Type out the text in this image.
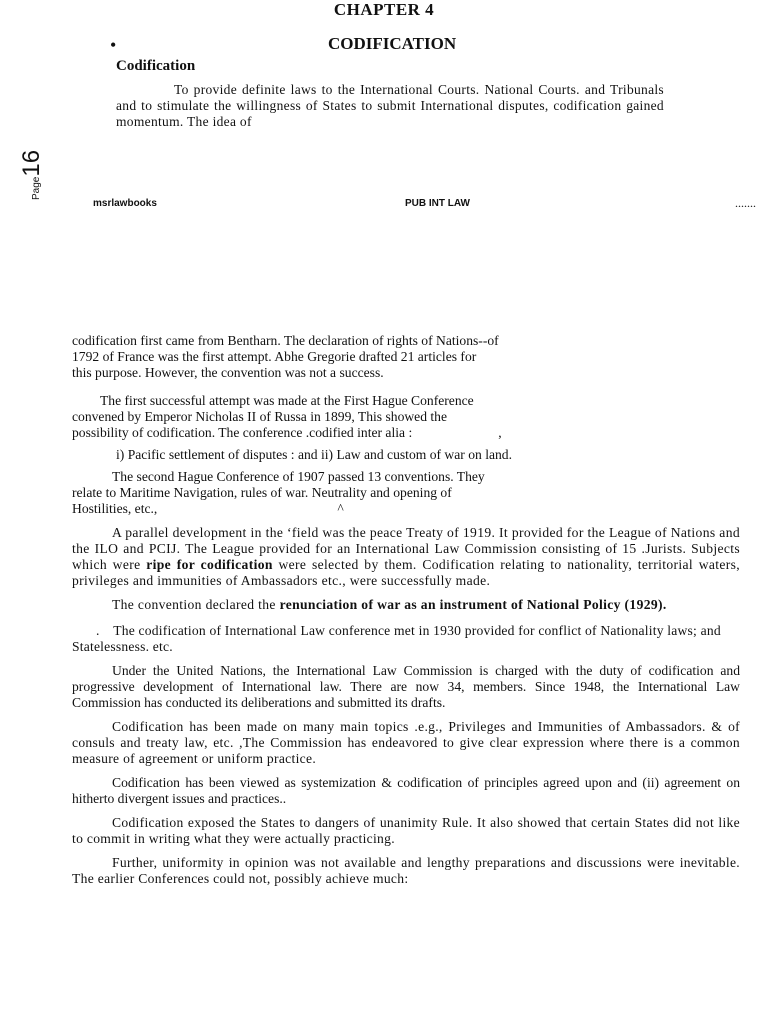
CHAPTER 4
•	CODIFICATION
Codification
To provide definite laws to the International Courts. National Courts. and Tribunals and to stimulate the willingness of States to submit International disputes, codification gained momentum. The idea of
Page16
msrlawbooks	PUB INT LAW	.......

codification first came from Benthаrn. The declaration of rights of Nations--of
1792 of France was the first attempt. Abhe Gregorie drafted 21 articles for
this purpose. However, the convention was not a success.

The first successful attempt was made at the First Hague Conference
convened by Emperor Nicholas II of Russa in 1899, This showed the
possibility of codification. The conference .codified inter alia :	,

i) Pacific settlement of disputes : and ii) Law and custom of war on land.

The second Hague Conference of 1907 passed 13 conventions. They
relate to Maritime Navigation, rules of war. Neutrality and opening of
Hostilities, etc.,	^

A parallel development in the ‘field was the peace Treaty of 1919. It provided for the League of Nations and the ILO and PCIJ. The League provided for an International Law Commission consisting of 15 .Jurists. Subjects which were ripe for codification were selected by them. Codification relating to nationality, territorial waters, privileges and immunities of Ambassadors etc., were successfully made.

The convention declared the renunciation of war as an instrument of National Policy (1929).

. The codification of International Law conference met in 1930 provided for conflict of Nationality laws; and Statelessness. etc.

Under the United Nations, the International Law Commission is charged with the duty of codification and progressive development of International law. There are now 34, members. Since 1948, the International Law Commission has conducted its deliberations and submitted its drafts.

Codification has been made on many main topics .e.g., Privileges and Immunities of Ambassadors. & of consuls and treaty law, etc. ,The Commission has endeavored to give clear expression where there is a common measure of agreement or uniform practice.

Codification has been viewed as systemization & codification of principles agreed upon and (ii) agreement on hitherto divergent issues and practices..

Codification exposed the States to dangers of unanimity Rule. It also showed that certain States did not like to commit in writing what they were actually practicing.

Further, uniformity in opinion was not available and lengthy preparations and discussions were inevitable. The earlier Conferences could not, possibly achieve much:
